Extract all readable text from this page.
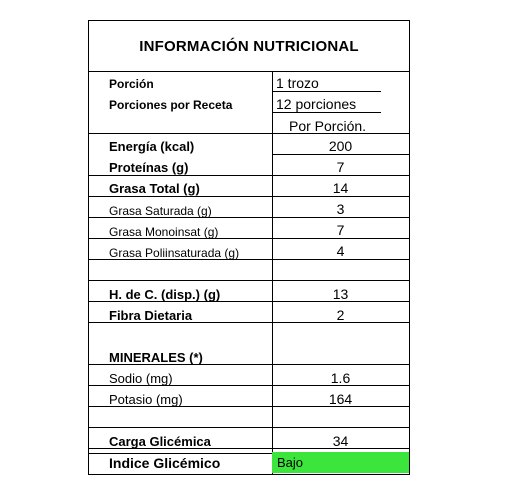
INFORMACIÓN NUTRICIONAL
Porción	1 trozo
Porciones por Receta	12 porciones
Por Porción.
Energía (kcal)	200
Proteínas (g)	7
Grasa Total (g)	14
Grasa Saturada (g)	3
Grasa Monoinsat (g)	7
Grasa Poliinsaturada (g)	4
H. de C. (disp.) (g)	13
Fibra Dietaria	2
MINERALES (*)
Sodio (mg)	1.6
Potasio (mg)	164
Carga Glicémica	34
Indice Glicémico	Bajo
